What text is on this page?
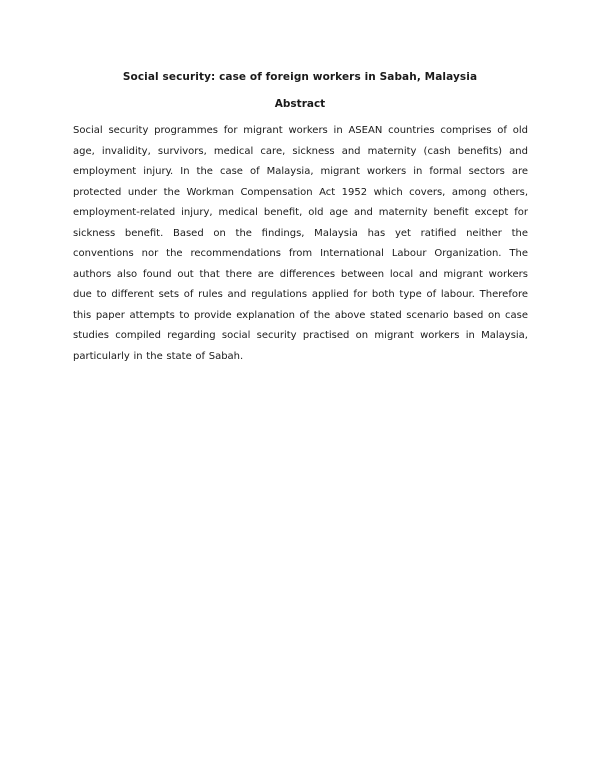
Social security: case of foreign workers in Sabah, Malaysia
Abstract
Social security programmes for migrant workers in ASEAN countries comprises of old
age, invalidity, survivors, medical care, sickness and maternity (cash benefits) and
employment injury. In the case of Malaysia, migrant workers in formal sectors are
protected under the Workman Compensation Act 1952 which covers, among others,
employment-related injury, medical benefit, old age and maternity benefit except for
sickness benefit. Based on the findings, Malaysia has yet ratified neither the
conventions nor the recommendations from International Labour Organization. The
authors also found out that there are differences between local and migrant workers
due to different sets of rules and regulations applied for both type of labour. Therefore
this paper attempts to provide explanation of the above stated scenario based on case
studies compiled regarding social security practised on migrant workers in Malaysia,
particularly in the state of Sabah.
